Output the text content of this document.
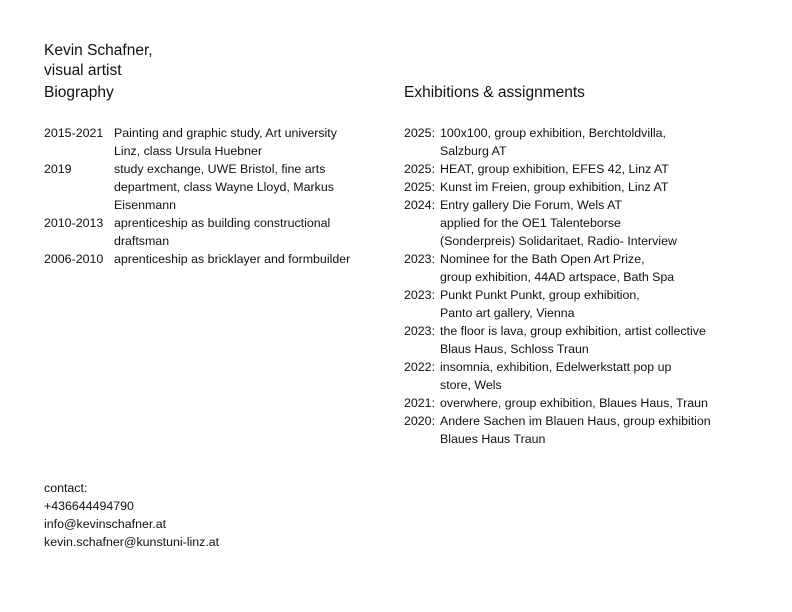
Kevin Schafner,
visual artist
Biography	Exhibitions & assignments
2015-2021 Painting and graphic study, Art university
Linz, class Ursula Huebner
2019	study exchange, UWE Bristol, fine arts
department, class Wayne Lloyd, Markus
Eisenmann
2010-2013 aprenticeship as building constructional
draftsman
2006-2010 aprenticeship as bricklayer and formbuilder
2025: 100x100, group exhibition, Berchtoldvilla,
Salzburg AT
2025: HEAT, group exhibition, EFES 42, Linz AT
2025: Kunst im Freien, group exhibition, Linz AT
2024: Entry gallery Die Forum, Wels AT
applied for the OE1 Talenteborse
(Sonderpreis) Solidaritaet, Radio- Interview
2023: Nominee for the Bath Open Art Prize,
group exhibition, 44AD artspace, Bath Spa
2023: Punkt Punkt Punkt, group exhibition,
Panto art gallery, Vienna
2023: the floor is lava, group exhibition, artist collective
Blaus Haus, Schloss Traun
2022: insomnia, exhibition, Edelwerkstatt pop up
store, Wels
2021: overwhere, group exhibition, Blaues Haus, Traun
2020: Andere Sachen im Blauen Haus, group exhibition
Blaues Haus Traun
contact:
+436644494790
info@kevinschafner.at
kevin.schafner@kunstuni-linz.at
